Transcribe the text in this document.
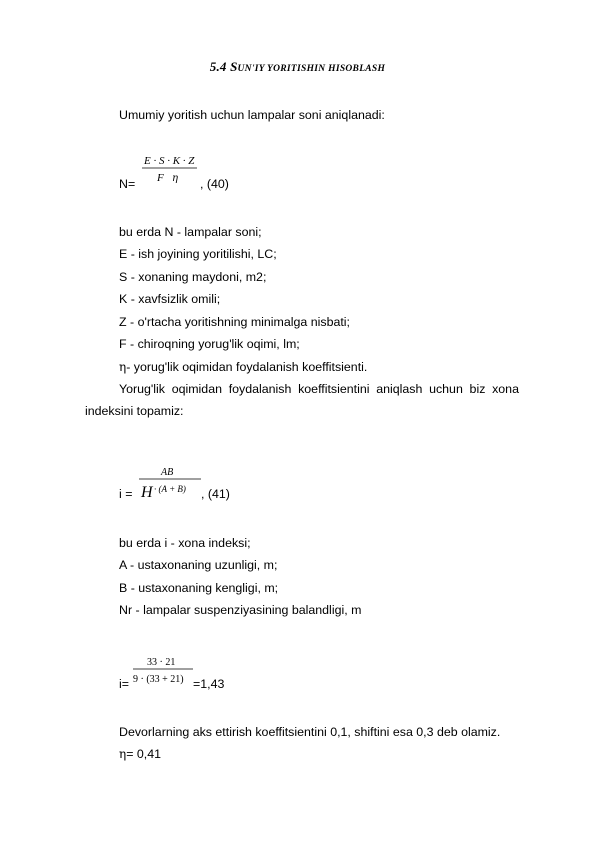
5.4 SUN'IY YORITISHIN HISOBLASH
Umumiy yoritish uchun lampalar soni aniqlanadi:
E · S · K · Z
F η
N=	, (40)
bu erda N - lampalar soni;
E - ish joyining yoritilishi, LC;
S - xonaning maydoni, m2;
K - xavfsizlik omili;
Z - o'rtacha yoritishning minimalga nisbati;
F - chiroqning yorug'lik oqimi, lm;
η- yorug'lik oqimidan foydalanish koeffitsienti.
Yorug'lik oqimidan foydalanish koeffitsientini aniqlash uchun biz xona
indeksini topamiz:
AB
H · (A + B)
i =	, (41)
bu erda i - xona indeksi;
A - ustaxonaning uzunligi, m;
B - ustaxonaning kengligi, m;
Nr - lampalar suspenziyasining balandligi, m
33 · 21
9 · (33 + 21)
i=	=1,43
Devorlarning aks ettirish koeffitsientini 0,1, shiftini esa 0,3 deb olamiz.
η= 0,41
